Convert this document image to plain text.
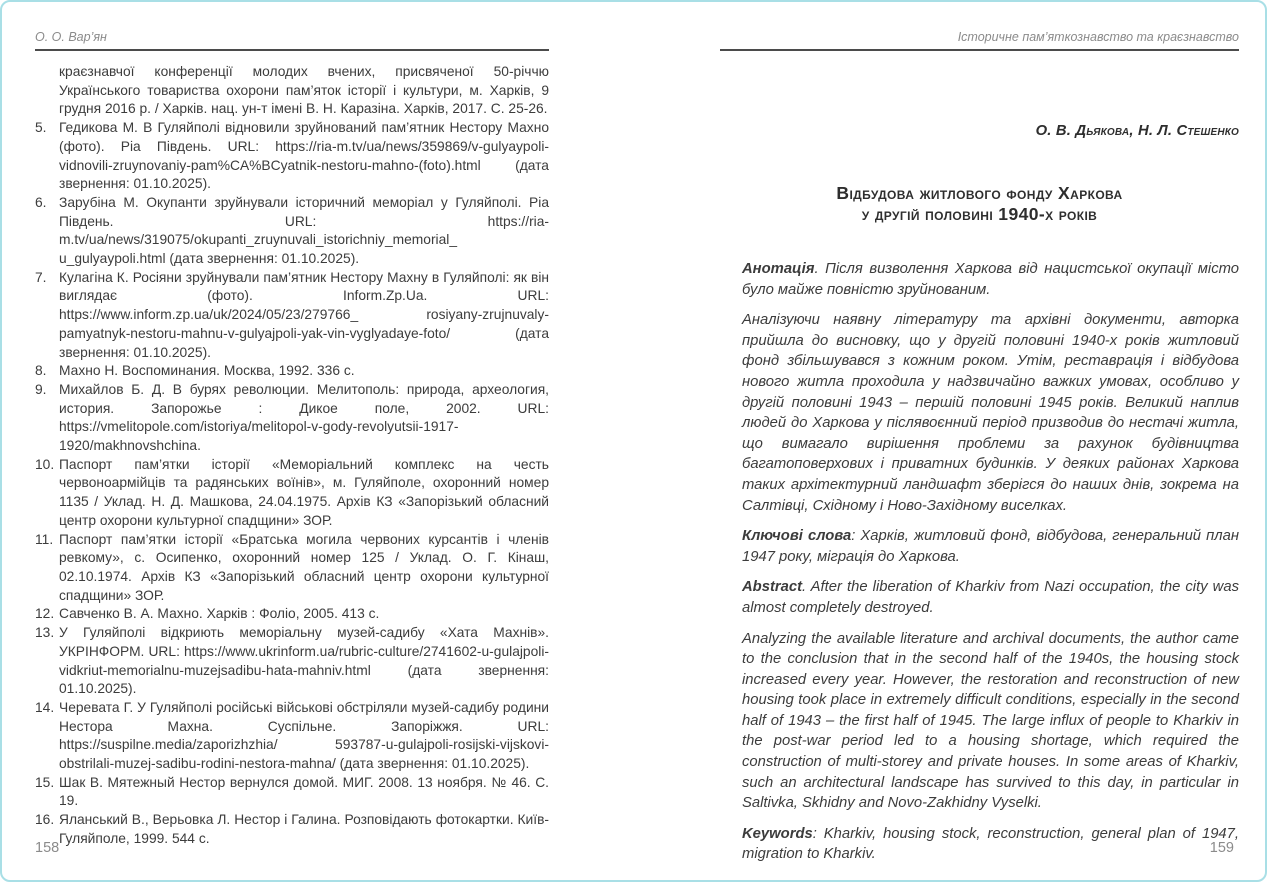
О. О. Вар’ян	Історичне пам’яткознавство та краєзнавство
краєзнавчої конференції молодих вчених, присвяченої 50-річчю Українського товариства охорони пам’яток історії і культури, м. Харків, 9 грудня 2016 р. / Харків. нац. ун-т імені В. Н. Каразіна. Харків, 2017. С. 25-26.
5. Гедикова М. В Гуляйполі відновили зруйнований пам’ятник Нестору Махно (фото). Ріа Південь. URL: https://ria-m.tv/ua/news/359869/v-gulyaypoli-vidnovili-zruynovaniy-pam%CA%BCyatnik-nestoru-mahno-(foto).html (дата звернення: 01.10.2025).
6. Зарубіна М. Окупанти зруйнували історичний меморіал у Гуляйполі. Ріа Південь. URL: https://ria-m.tv/ua/news/319075/okupanti_zruynuvali_istorichniy_memorial_ u_gulyaypoli.html (дата звернення: 01.10.2025).
7. Кулагіна К. Росіяни зруйнували пам’ятник Нестору Махну в Гуляйполі: як він виглядає (фото). Inform.Zp.Ua. URL: https://www.inform.zp.ua/uk/2024/05/23/279766_ rosiyany-zrujnuvaly-pamyatnyk-nestoru-mahnu-v-gulyajpoli-yak-vin-vyglyadaye-foto/ (дата звернення: 01.10.2025).
8. Махно Н. Воспоминания. Москва, 1992. 336 с.
9. Михайлов Б. Д. В бурях революции. Мелитополь: природа, археология, история. Запорожье : Дикое поле, 2002. URL: https://vmelitopole.com/istoriya/melitopol-v-gody-revolyutsii-1917-1920/makhnovshchina.
10. Паспорт пам’ятки історії «Меморіальний комплекс на честь червоноармійців та радянських воїнів», м. Гуляйполе, охоронний номер 1135 / Уклад. Н. Д. Машкова, 24.04.1975. Архів КЗ «Запорізький обласний центр охорони культурної спадщини» ЗОР.
11. Паспорт пам’ятки історії «Братська могила червоних курсантів і членів ревкому», с. Осипенко, охоронний номер 125 / Уклад. О. Г. Кінаш, 02.10.1974. Архів КЗ «Запорізький обласний центр охорони культурної спадщини» ЗОР.
12. Савченко В. А. Махно. Харків : Фоліо, 2005. 413 с.
13. У Гуляйполі відкриють меморіальну музей-садибу «Хата Махнів». УКРІНФОРМ. URL: https://www.ukrinform.ua/rubric-culture/2741602-u-gulajpoli-vidkriut-memorialnu-muzejsadibu-hata-mahniv.html (дата звернення: 01.10.2025).
14. Черевата Г. У Гуляйполі російські військові обстріляли музей-садибу родини Нестора Махна. Суспільне. Запоріжжя. URL: https://suspilne.media/zaporizhzhia/ 593787-u-gulajpoli-rosijski-vijskovi-obstrilali-muzej-sadibu-rodini-nestora-mahna/ (дата звернення: 01.10.2025).
15. Шак В. Мятежный Нестор вернулся домой. МИГ. 2008. 13 ноября. № 46. С. 19.
16. Яланський В., Верьовка Л. Нестор і Галина. Розповідають фотокартки. Київ-Гуляйполе, 1999. 544 с.
О. В. Дьякова, Н. Л. Стешенко
Відбудова житлового фонду Харкова
у другій половині 1940-х років

Анотація. Після визволення Харкова від нацистської окупації місто було майже повністю зруйнованим.

Аналізуючи наявну літературу та архівні документи, авторка прийшла до висновку, що у другій половині 1940-х років житловий фонд збільшувався з кожним роком. Утім, реставрація і відбудова нового житла проходила у надзвичайно важких умовах, особливо у другій половині 1943 – першій половині 1945 років. Великий наплив людей до Харкова у післявоєнний період призводив до нестачі житла, що вимагало вирішення проблеми за рахунок будівництва багатоповерхових і приватних будинків. У деяких районах Харкова таких архітектурний ландшафт зберігся до наших днів, зокрема на Салтівці, Східному і Ново-Західному виселках.

Ключові слова: Харків, житловий фонд, відбудова, генеральний план 1947 року, міграція до Харкова.

Abstract. After the liberation of Kharkiv from Nazi occupation, the city was almost completely destroyed.

Analyzing the available literature and archival documents, the author came to the conclusion that in the second half of the 1940s, the housing stock increased every year. However, the restoration and reconstruction of new housing took place in extremely difficult conditions, especially in the second half of 1943 – the first half of 1945. The large influx of people to Kharkiv in the post-war period led to a housing shortage, which required the construction of multi-storey and private houses. In some areas of Kharkiv, such an architectural landscape has survived to this day, in particular in Saltivka, Skhidny and Novo-Zakhidny Vyselki.

Keywords: Kharkiv, housing stock, reconstruction, general plan of 1947, migration to Kharkiv.

158	159
